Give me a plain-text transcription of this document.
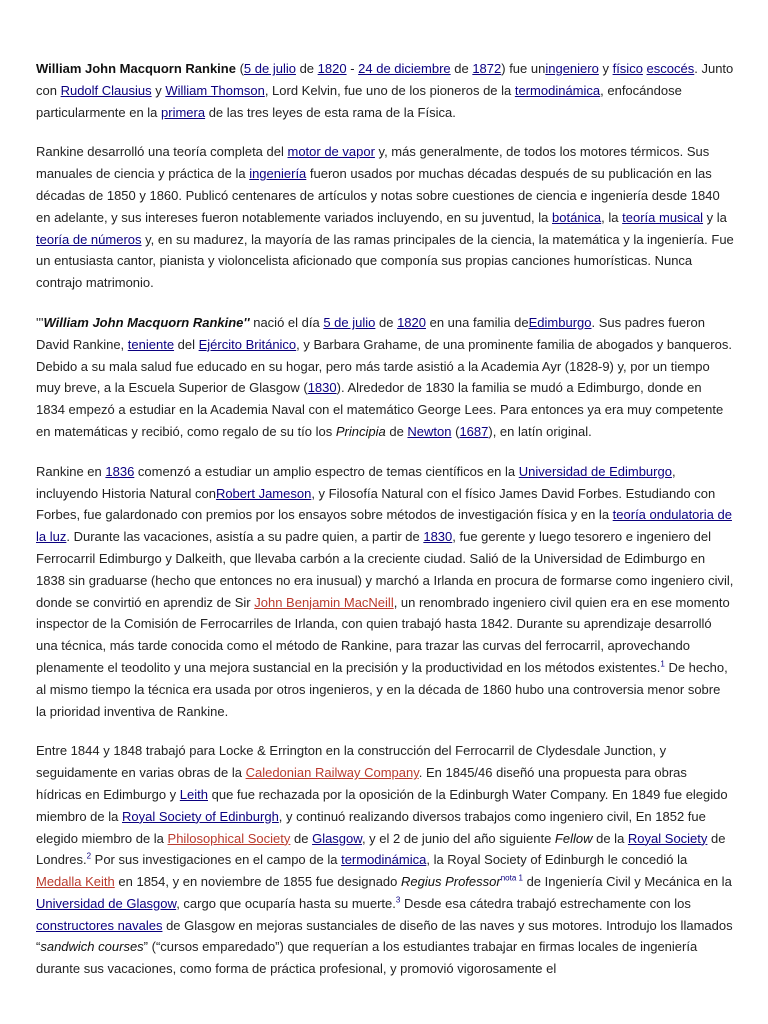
William John Macquorn Rankine (5 de julio de 1820 - 24 de diciembre de 1872) fue uningeniero y físico escocés. Junto con Rudolf Clausius y William Thomson, Lord Kelvin, fue uno de los pioneros de la termodinámica, enfocándose particularmente en la primera de las tres leyes de esta rama de la Física.

Rankine desarrolló una teoría completa del motor de vapor y, más generalmente, de todos los motores térmicos. Sus manuales de ciencia y práctica de la ingeniería fueron usados por muchas décadas después de su publicación en las décadas de 1850 y 1860. Publicó centenares de artículos y notas sobre cuestiones de ciencia e ingeniería desde 1840 en adelante, y sus intereses fueron notablemente variados incluyendo, en su juventud, la botánica, la teoría musical y la teoría de números y, en su madurez, la mayoría de las ramas principales de la ciencia, la matemática y la ingeniería. Fue un entusiasta cantor, pianista y violoncelista aficionado que componía sus propias canciones humorísticas. Nunca contrajo matrimonio.

'''William John Macquorn Rankine'' nació el día 5 de julio de 1820 en una familia deEdimburgo. Sus padres fueron David Rankine, teniente del Ejército Británico, y Barbara Grahame, de una prominente familia de abogados y banqueros. Debido a su mala salud fue educado en su hogar, pero más tarde asistió a la Academia Ayr (1828-9) y, por un tiempo muy breve, a la Escuela Superior de Glasgow (1830). Alrededor de 1830 la familia se mudó a Edimburgo, donde en 1834 empezó a estudiar en la Academia Naval con el matemático George Lees. Para entonces ya era muy competente en matemáticas y recibió, como regalo de su tío los Principia de Newton (1687), en latín original.

Rankine en 1836 comenzó a estudiar un amplio espectro de temas científicos en la Universidad de Edimburgo, incluyendo Historia Natural conRobert Jameson, y Filosofía Natural con el físico James David Forbes. Estudiando con Forbes, fue galardonado con premios por los ensayos sobre métodos de investigación física y en la teoría ondulatoria de la luz. Durante las vacaciones, asistía a su padre quien, a partir de 1830, fue gerente y luego tesorero e ingeniero del Ferrocarril Edimburgo y Dalkeith, que llevaba carbón a la creciente ciudad. Salió de la Universidad de Edimburgo en 1838 sin graduarse (hecho que entonces no era inusual) y marchó a Irlanda en procura de formarse como ingeniero civil, donde se convirtió en aprendiz de Sir John Benjamin MacNeill, un renombrado ingeniero civil quien era en ese momento inspector de la Comisión de Ferrocarriles de Irlanda, con quien trabajó hasta 1842. Durante su aprendizaje desarrolló una técnica, más tarde conocida como el método de Rankine, para trazar las curvas del ferrocarril, aprovechando plenamente el teodolito y una mejora sustancial en la precisión y la productividad en los métodos existentes.$^1$ De hecho, al mismo tiempo la técnica era usada por otros ingenieros, y en la década de 1860 hubo una controversia menor sobre la prioridad inventiva de Rankine.

Entre 1844 y 1848 trabajó para Locke & Errington en la construcción del Ferrocarril de Clydesdale Junction, y seguidamente en varias obras de la Caledonian Railway Company. En 1845/46 diseñó una propuesta para obras hídricas en Edimburgo y Leith que fue rechazada por la oposición de la Edinburgh Water Company. En 1849 fue elegido miembro de la Royal Society of Edinburgh, y continuó realizando diversos trabajos como ingeniero civil, En 1852 fue elegido miembro de la Philosophical Society de Glasgow, y el 2 de junio del año siguiente Fellow de la Royal Society de Londres.$^2$ Por sus investigaciones en el campo de la termodinámica, la Royal Society of Edinburgh le concedió la Medalla Keith en 1854, y en noviembre de 1855 fue designado Regius Professor$^{nota 1}$ de Ingeniería Civil y Mecánica en la Universidad de Glasgow, cargo que ocuparía hasta su muerte.$^3$ Desde esa cátedra trabajó estrechamente con los constructores navales de Glasgow en mejoras sustanciales de diseño de las naves y sus motores. Introdujo los llamados “sandwich courses” (“cursos emparedado”) que requerían a los estudiantes trabajar en firmas locales de ingeniería durante sus vacaciones, como forma de práctica profesional, y promovió vigorosamente el
